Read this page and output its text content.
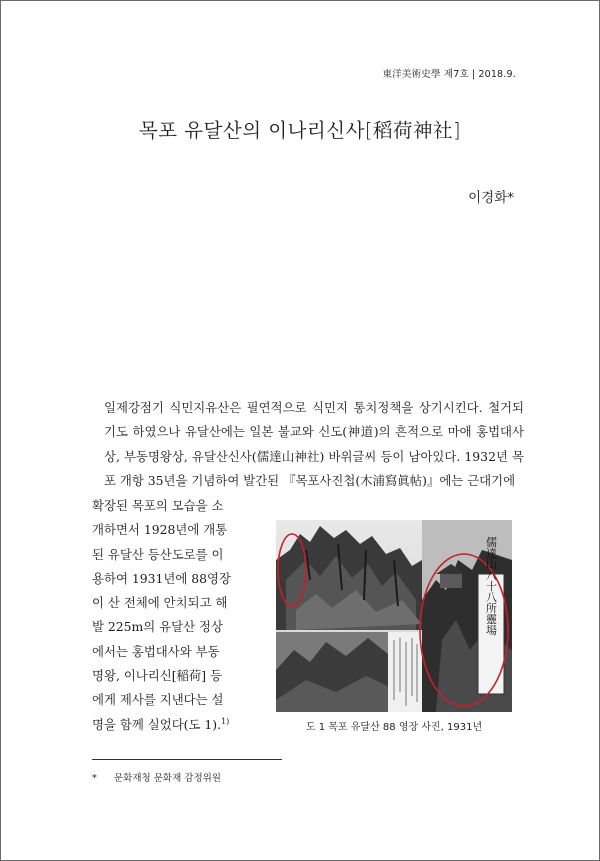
東洋美術史學 제7호 | 2018.9.
목포 유달산의 이나리신사[稻荷神社]
이경화*
일제강점기 식민지유산은 필연적으로 식민지 통치정책을 상기시킨다. 철거되기도 하였으나 유달산에는 일본 불교와 신도(神道)의 흔적으로 마애 홍법대사상, 부동명왕상, 유달산신사(儒達山神社) 바위글씨 등이 남아있다. 1932년 목포 개항 35년을 기념하여 발간된 『목포사진첩(木浦寫眞帖)』에는 근대기에
확장된 목포의 모습을 소
개하면서 1928년에 개통
된 유달산 등산도로를 이
용하여 1931년에 88영장
이 산 전체에 안치되고 해
발 225m의 유달산 정상
에서는 홍법대사와 부동
명왕, 이나리신[稲荷] 등
에게 제사를 지낸다는 설
명을 함께 실었다(도 1).$^{1)}$
儒達山八十八所靈場
도 1 목포 유달산 88 영장 사진, 1931년
* 문화재청 문화재 감정위원
